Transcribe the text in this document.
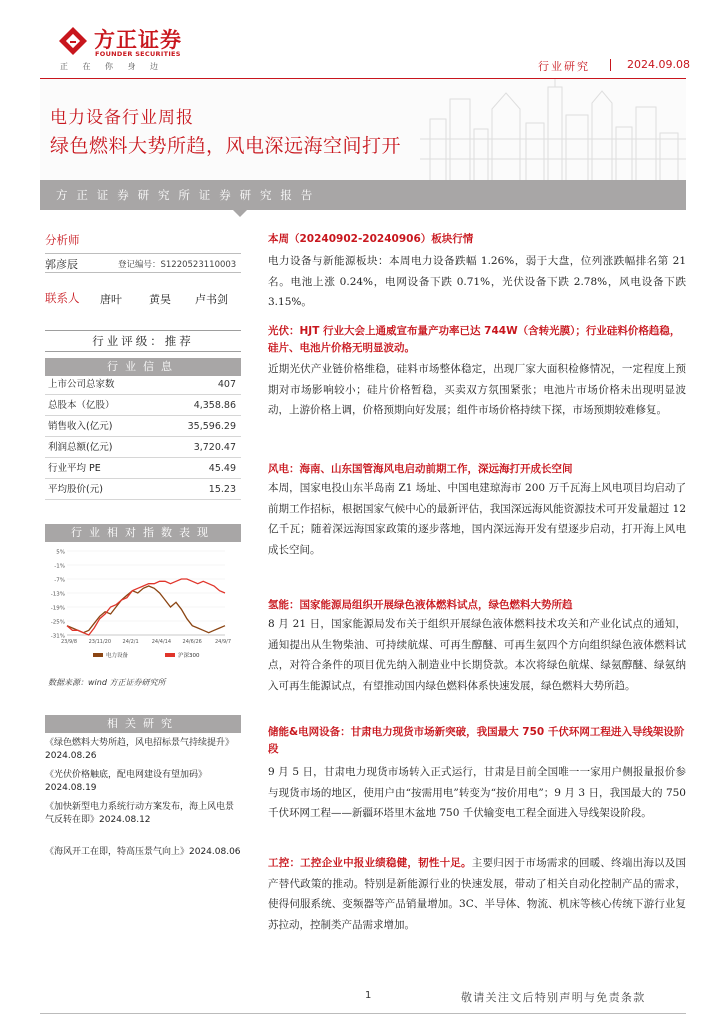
方正证券
FOUNDER SECURITIES
正在你身边	行业研究	2024.09.08
电力设备行业周报
绿色燃料大势所趋，风电深远海空间打开
方正证券研究所证券研究报告
分析师
郭彦辰	登记编号：S1220523110003
联系人 唐叶 黄昊 卢书剑
行业评级：推荐
行业信息
上市公司总家数	407
总股本（亿股）	4,358.86
销售收入(亿元)	35,596.29
利润总额(亿元)	3,720.47
行业平均 PE	45.49
平均股价(元)	15.23
行业相对指数表现
5%
-1%
-7%
-13%
-19%
-25%
-31%
23/9/8 23/11/20 24/2/1	24/4/14 24/6/26	24/9/7
电力设备	沪深300
数据来源：wind 方正证券研究所
相关研究
《绿色燃料大势所趋，风电招标景气持续提升》2024.08.26
《光伏价格触底，配电网建设有望加码》2024.08.19
《加快新型电力系统行动方案发布，海上风电景气反转在即》2024.08.12
《海风开工在即，特高压景气向上》2024.08.06
本周（20240902-20240906）板块行情
电力设备与新能源板块：本周电力设备跌幅 1.26%，弱于大盘，位列涨跌幅排名第 21 名。电池上涨 0.24%，电网设备下跌 0.71%，光伏设备下跌 2.78%，风电设备下跌 3.15%。
光伏：HJT 行业大会上通威宣布量产功率已达 744W（含转光膜）；行业硅料价格趋稳，硅片、电池片价格无明显波动。
近期光伏产业链价格维稳，硅料市场整体稳定，出现厂家大面积检修情况，一定程度上预期对市场影响较小；硅片价格暂稳，买卖双方氛围紧张；电池片市场价格未出现明显波动，上游价格上调，价格预期向好发展；组件市场价格持续下探，市场预期较难修复。
风电：海南、山东国管海风电启动前期工作，深远海打开成长空间
本周，国家电投山东半岛南 Z1 场址、中国电建琼海市 200 万千瓦海上风电项目均启动了前期工作招标，根据国家气候中心的最新评估，我国深远海风能资源技术可开发量超过 12 亿千瓦；随着深远海国家政策的逐步落地，国内深远海开发有望逐步启动，打开海上风电成长空间。
氢能：国家能源局组织开展绿色液体燃料试点，绿色燃料大势所趋
8 月 21 日，国家能源局发布关于组织开展绿色液体燃料技术攻关和产业化试点的通知，通知提出从生物柴油、可持续航煤、可再生醇醚、可再生氨四个方向组织绿色液体燃料试点，对符合条件的项目优先纳入制造业中长期贷款。本次将绿色航煤、绿氨醇醚、绿氨纳入可再生能源试点，有望推动国内绿色燃料体系快速发展，绿色燃料大势所趋。
储能&电网设备：甘肃电力现货市场新突破，我国最大 750 千伏环网工程进入导线架设阶段
9 月 5 日，甘肃电力现货市场转入正式运行，甘肃是目前全国唯一一家用户侧报量报价参与现货市场的地区，使用户由“按需用电”转变为“按价用电”；9 月 3 日，我国最大的 750 千伏环网工程——新疆环塔里木盆地 750 千伏输变电工程全面进入导线架设阶段。
工控：工控企业中报业绩稳健，韧性十足。主要归因于市场需求的回暖、终端出海以及国产替代政策的推动。特别是新能源行业的快速发展，带动了相关自动化控制产品的需求，使得伺服系统、变频器等产品销量增加。3C、半导体、物流、机床等核心传统下游行业复苏拉动，控制类产品需求增加。
1	敬请关注文后特别声明与免责条款
